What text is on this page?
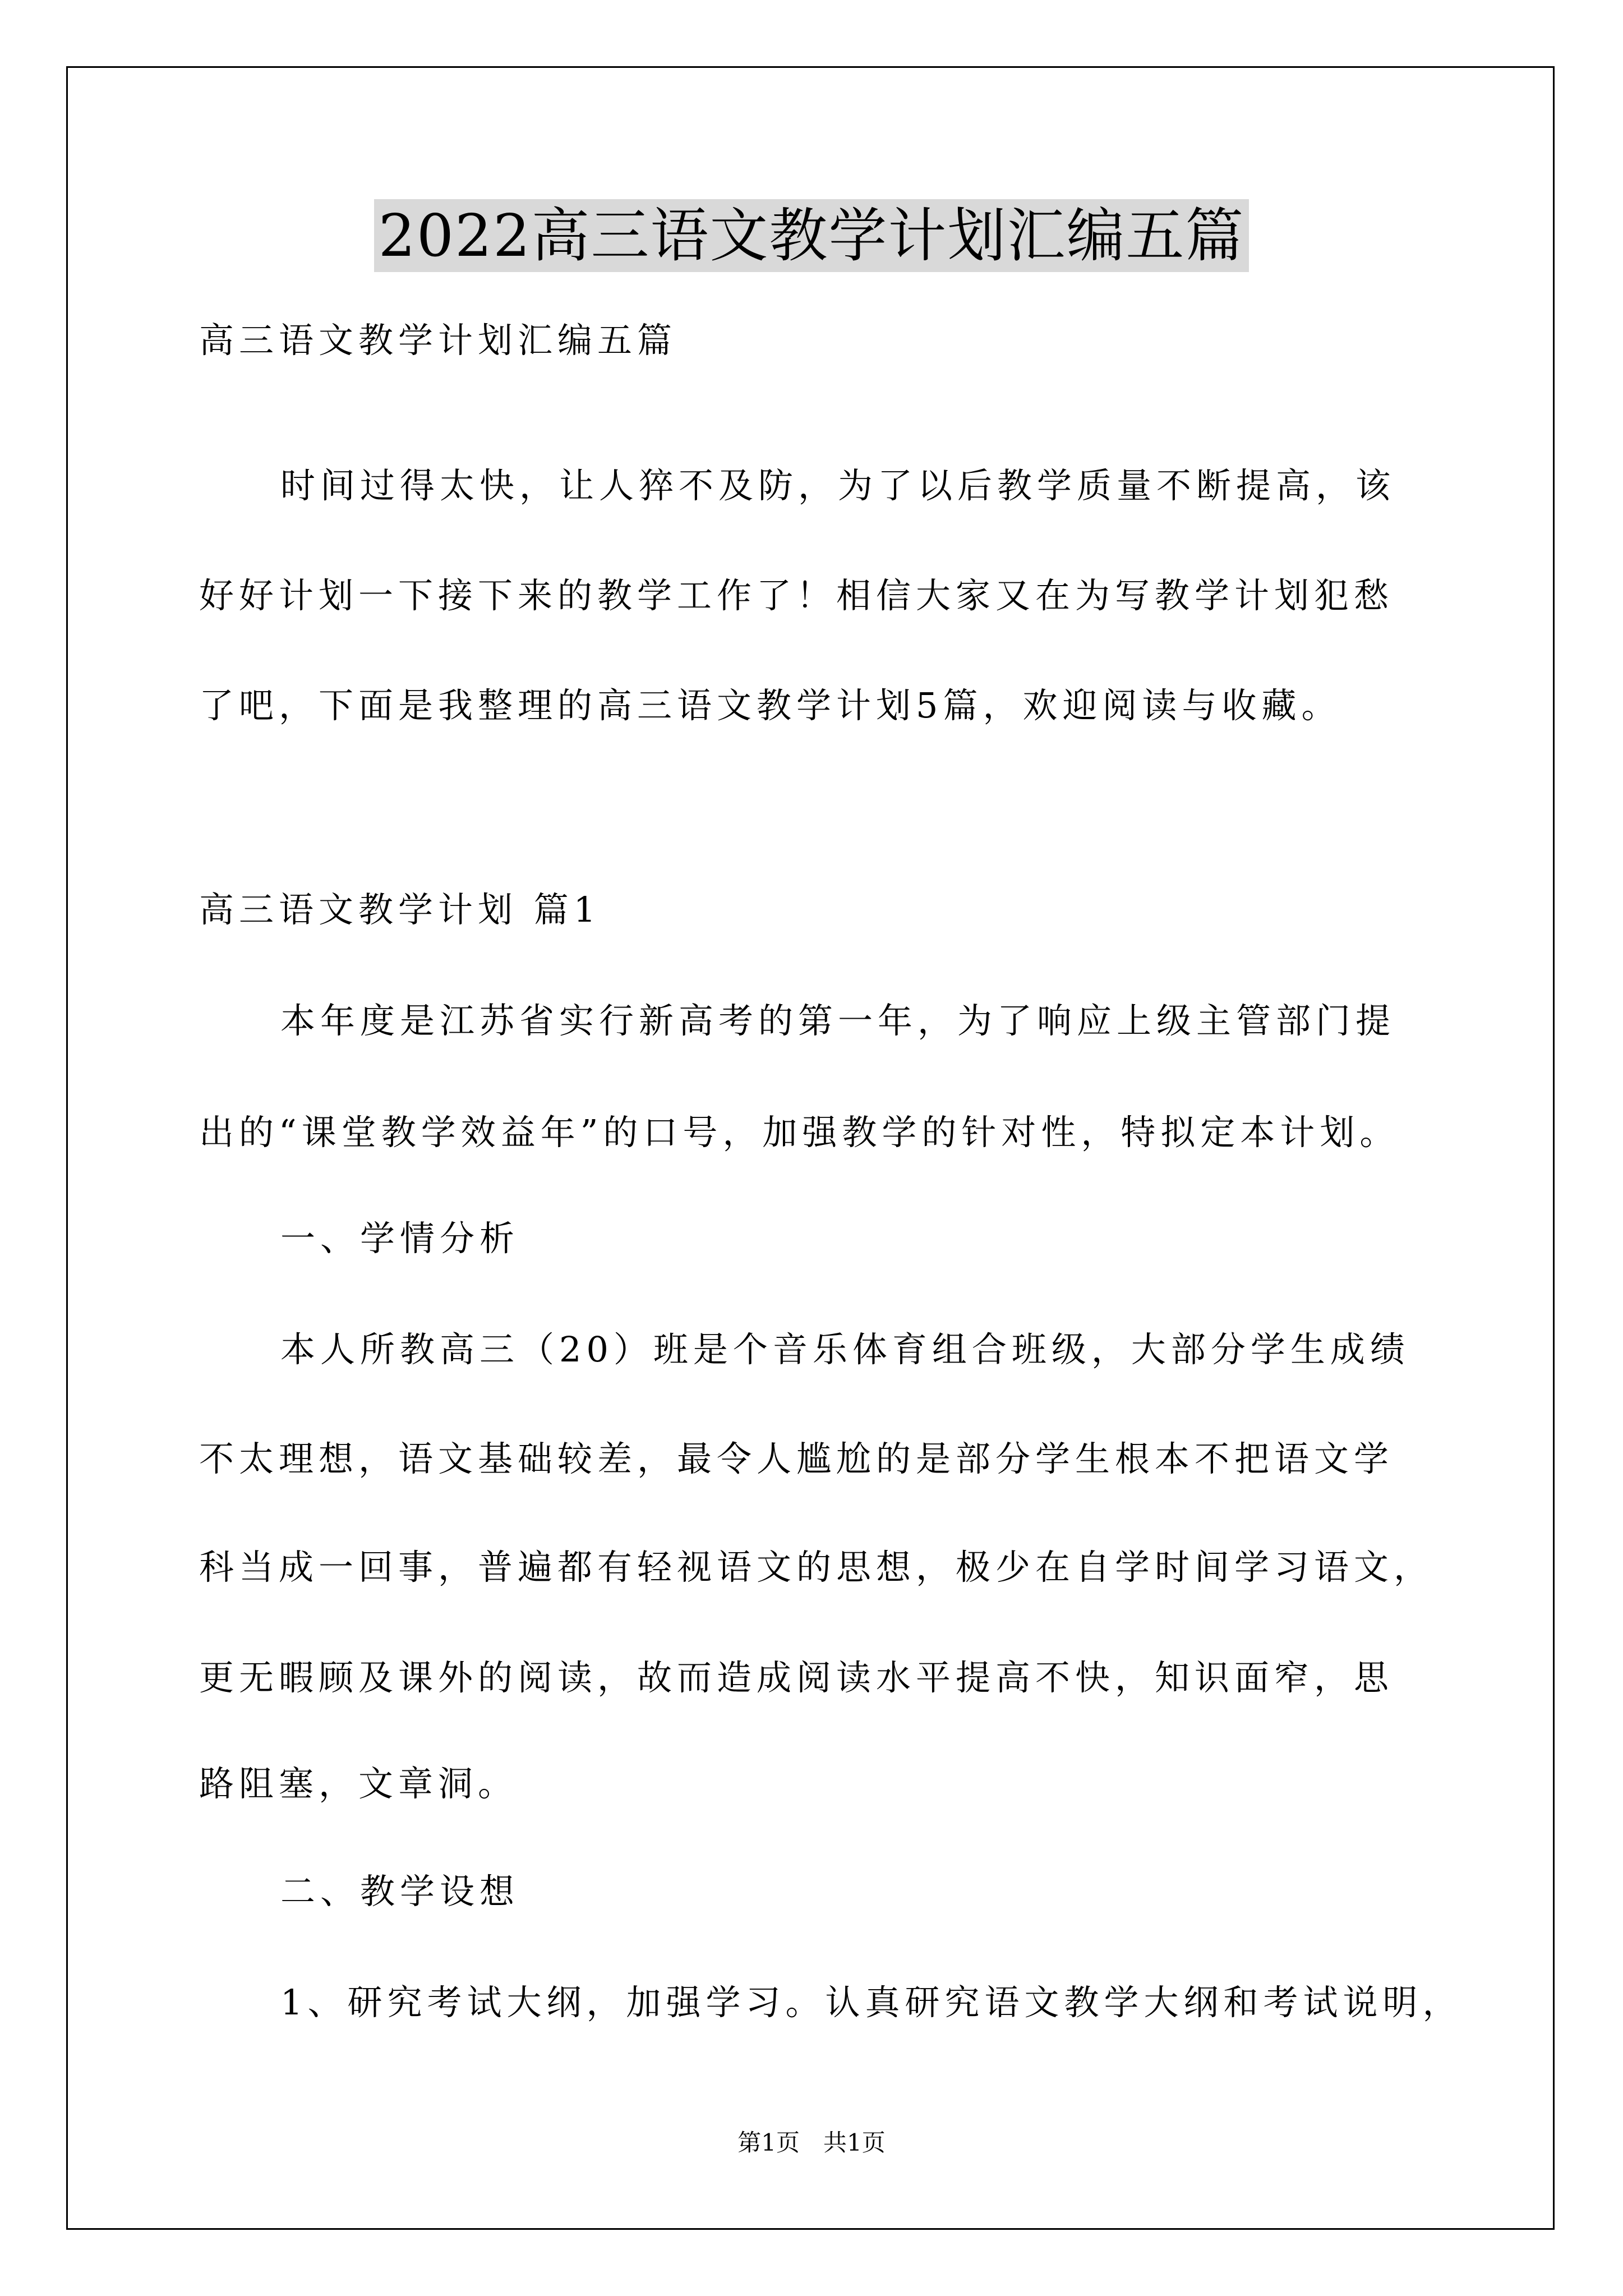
2022高三语文教学计划汇编五篇
高三语文教学计划汇编五篇
时间过得太快，让人猝不及防，为了以后教学质量不断提高，该
好好计划一下接下来的教学工作了！相信大家又在为写教学计划犯愁
了吧，下面是我整理的高三语文教学计划5篇，欢迎阅读与收藏。
高三语文教学计划 篇1
本年度是江苏省实行新高考的第一年，为了响应上级主管部门提
出的“课堂教学效益年”的口号，加强教学的针对性，特拟定本计划。
一、学情分析
本人所教高三（20）班是个音乐体育组合班级，大部分学生成绩
不太理想，语文基础较差，最令人尴尬的是部分学生根本不把语文学
科当成一回事，普遍都有轻视语文的思想，极少在自学时间学习语文，
更无暇顾及课外的阅读，故而造成阅读水平提高不快，知识面窄，思
路阻塞，文章洞。
二、教学设想
1、研究考试大纲，加强学习。认真研究语文教学大纲和考试说明，
第1页　共1页
